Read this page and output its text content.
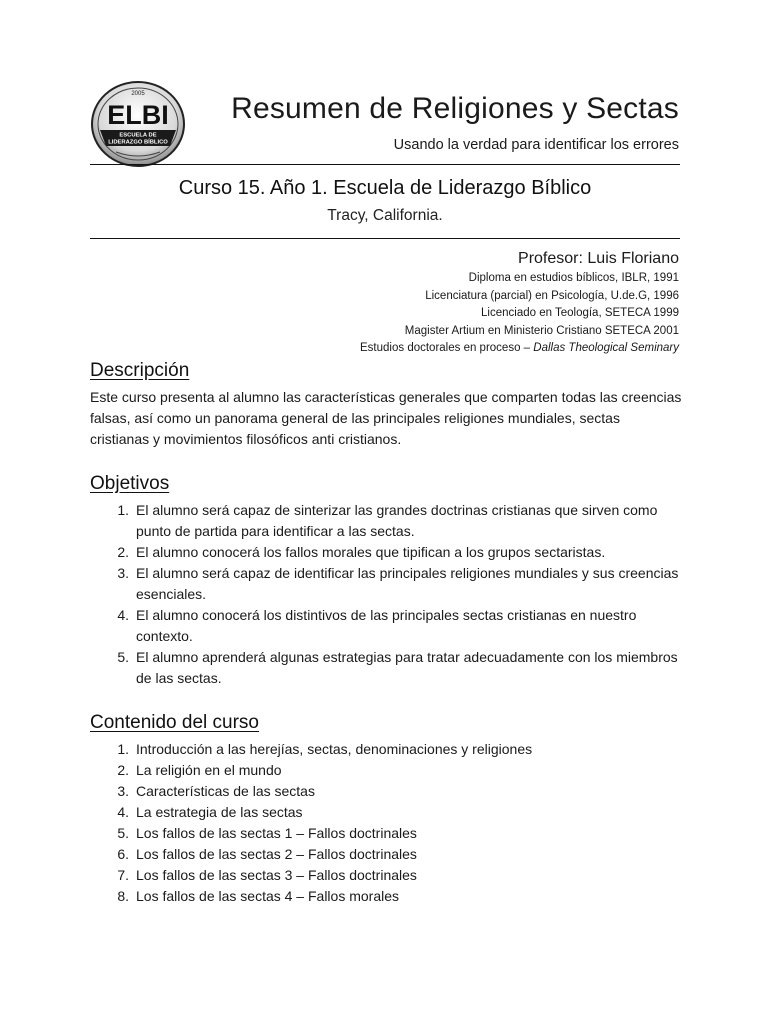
2005
ELBI
ESCUELA DE
LIDERAZGO BÍBLICO
Resumen de Religiones y Sectas
Usando la verdad para identificar los errores
Curso 15. Año 1. Escuela de Liderazgo Bíblico
Tracy, California.
Profesor: Luis Floriano
Diploma en estudios bíblicos, IBLR, 1991
Licenciatura (parcial) en Psicología, U.de.G, 1996
Licenciado en Teología, SETECA 1999
Magister Artium en Ministerio Cristiano SETECA 2001
Estudios doctorales en proceso – Dallas Theological Seminary
Descripción
Este curso presenta al alumno las características generales que comparten todas las creencias falsas, así como un panorama general de las principales religiones mundiales, sectas cristianas y movimientos filosóficos anti cristianos.
Objetivos
1. El alumno será capaz de sinterizar las grandes doctrinas cristianas que sirven como punto de partida para identificar a las sectas.
2. El alumno conocerá los fallos morales que tipifican a los grupos sectaristas.
3. El alumno será capaz de identificar las principales religiones mundiales y sus creencias esenciales.
4. El alumno conocerá los distintivos de las principales sectas cristianas en nuestro contexto.
5. El alumno aprenderá algunas estrategias para tratar adecuadamente con los miembros de las sectas.
Contenido del curso
1. Introducción a las herejías, sectas, denominaciones y religiones
2. La religión en el mundo
3. Características de las sectas
4. La estrategia de las sectas
5. Los fallos de las sectas 1 – Fallos doctrinales
6. Los fallos de las sectas 2 – Fallos doctrinales
7. Los fallos de las sectas 3 – Fallos doctrinales
8. Los fallos de las sectas 4 – Fallos morales
